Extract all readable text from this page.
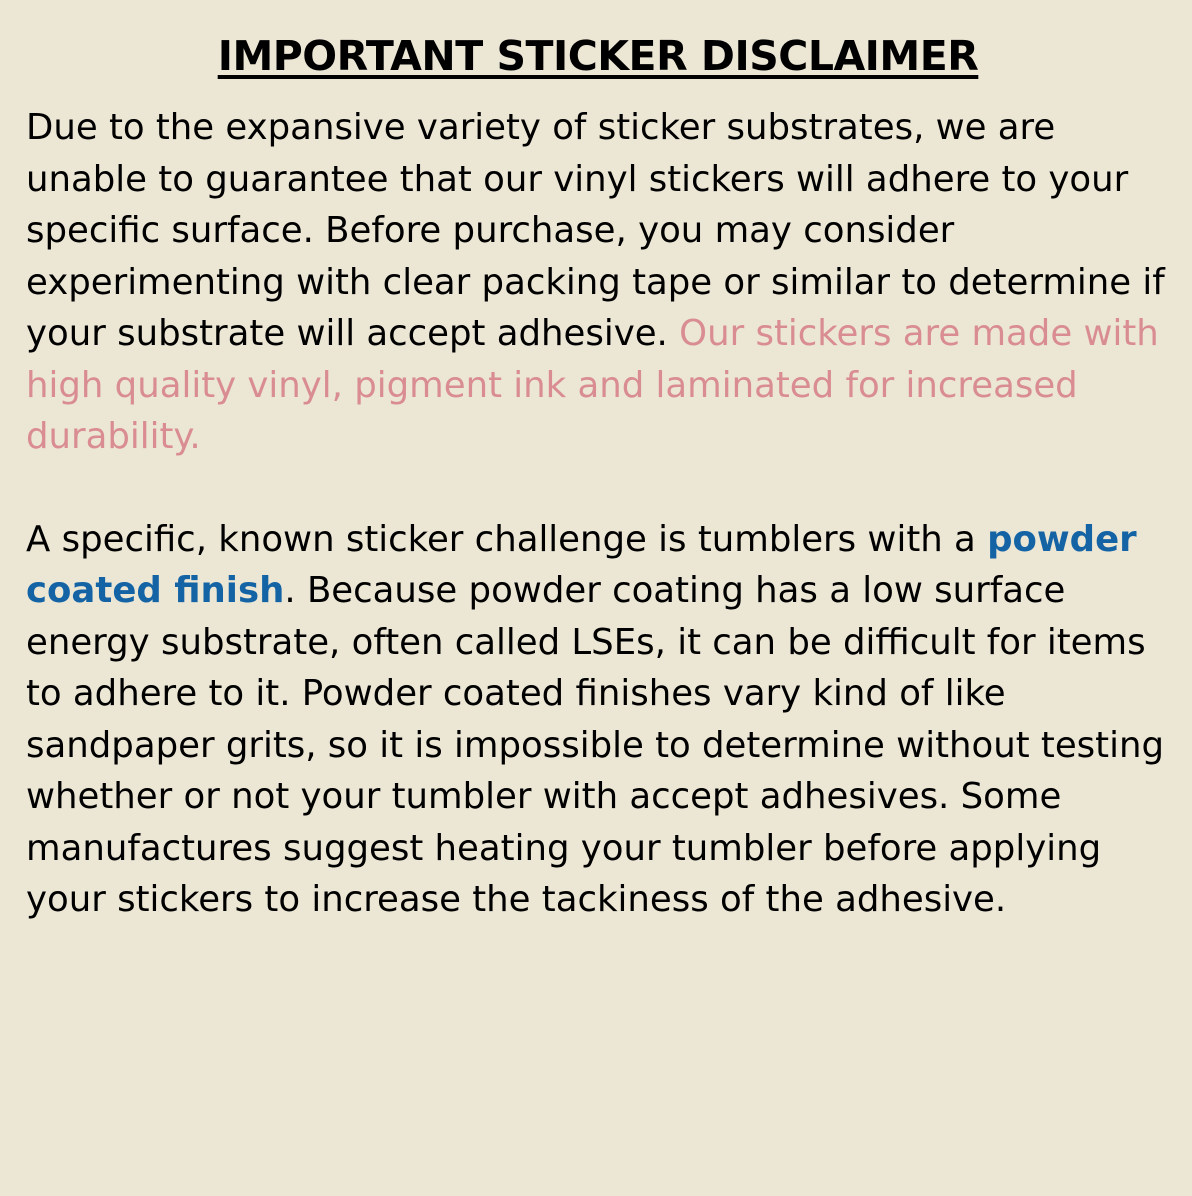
IMPORTANT STICKER DISCLAIMER

Due to the expansive variety of sticker substrates, we are unable to guarantee that our vinyl stickers will adhere to your specific surface. Before purchase, you may consider experimenting with clear packing tape or similar to determine if your substrate will accept adhesive. Our stickers are made with high quality vinyl, pigment ink and laminated for increased durability.

A specific, known sticker challenge is tumblers with a powder coated finish. Because powder coating has a low surface energy substrate, often called LSEs, it can be difficult for items to adhere to it. Powder coated finishes vary kind of like sandpaper grits, so it is impossible to determine without testing whether or not your tumbler with accept adhesives. Some manufactures suggest heating your tumbler before applying your stickers to increase the tackiness of the adhesive.
